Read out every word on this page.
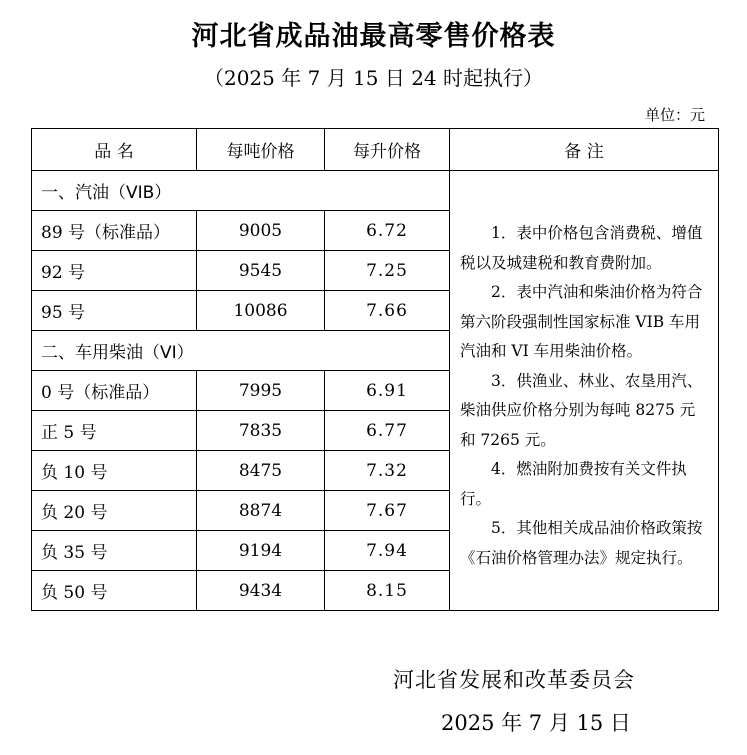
河北省成品油最高零售价格表
（2025 年 7 月 15 日 24 时起执行）
单位：元
品 名	每吨价格	每升价格	备 注
一、汽油（VIB）			1．表中价格包含消费税、增值税以及城建税和教育费附加。

2．表中汽油和柴油价格为符合第六阶段强制性国家标准 VIB 车用汽油和 VI 车用柴油价格。

3．供渔业、林业、农垦用汽、柴油供应价格分别为每吨 8275 元和 7265 元。

4．燃油附加费按有关文件执行。

5．其他相关成品油价格政策按《石油价格管理办法》规定执行。

89 号（标准品）	9005	6.72	
92 号	9545	7.25	
95 号	10086	7.66	
二、车用柴油（VI）			
0 号（标准品）	7995	6.91	
正 5 号	7835	6.77	
负 10 号	8475	7.32	
负 20 号	8874	7.67	
负 35 号	9194	7.94	
负 50 号	9434	8.15	
河北省发展和改革委员会
2025 年 7 月 15 日
